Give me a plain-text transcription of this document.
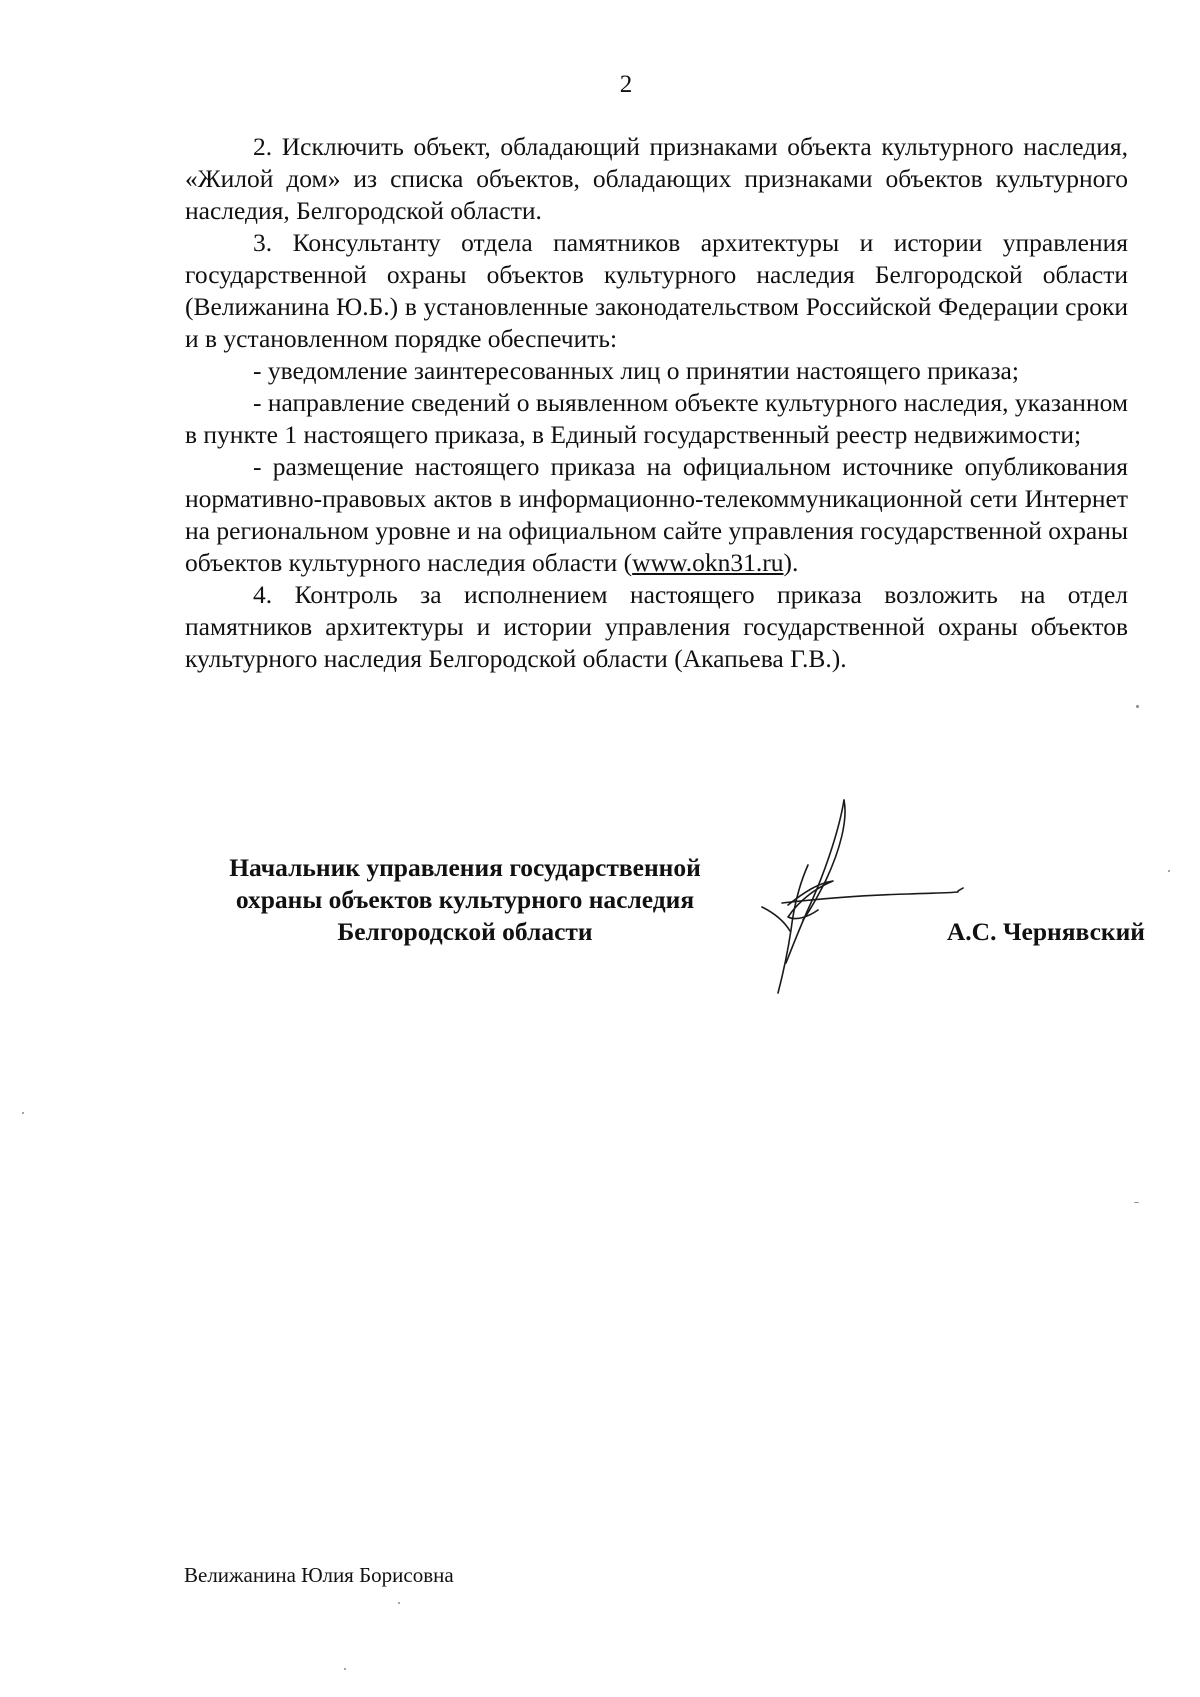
2

2. Исключить объект, обладающий признаками объекта культурного наследия, «Жилой дом» из списка объектов, обладающих признаками объектов культурного наследия, Белгородской области.

3. Консультанту отдела памятников архитектуры и истории управления государственной охраны объектов культурного наследия Белгородской области (Велижанина Ю.Б.) в установленные законодательством Российской Федерации сроки и в установленном порядке обеспечить:

- уведомление заинтересованных лиц о принятии настоящего приказа;

- направление сведений о выявленном объекте культурного наследия, указанном в пункте 1 настоящего приказа, в Единый государственный реестр недвижимости;

- размещение настоящего приказа на официальном источнике опубликования нормативно-правовых актов в информационно-телекоммуникационной сети Интернет на региональном уровне и на официальном сайте управления государственной охраны объектов культурного наследия области (www.okn31.ru).

4. Контроль за исполнением настоящего приказа возложить на отдел памятников архитектуры и истории управления государственной охраны объектов культурного наследия Белгородской области (Акапьева Г.В.).

Начальник управления государственной
охраны объектов культурного наследия
Белгородской области	А.С. Чернявский
Велижанина Юлия Борисовна
